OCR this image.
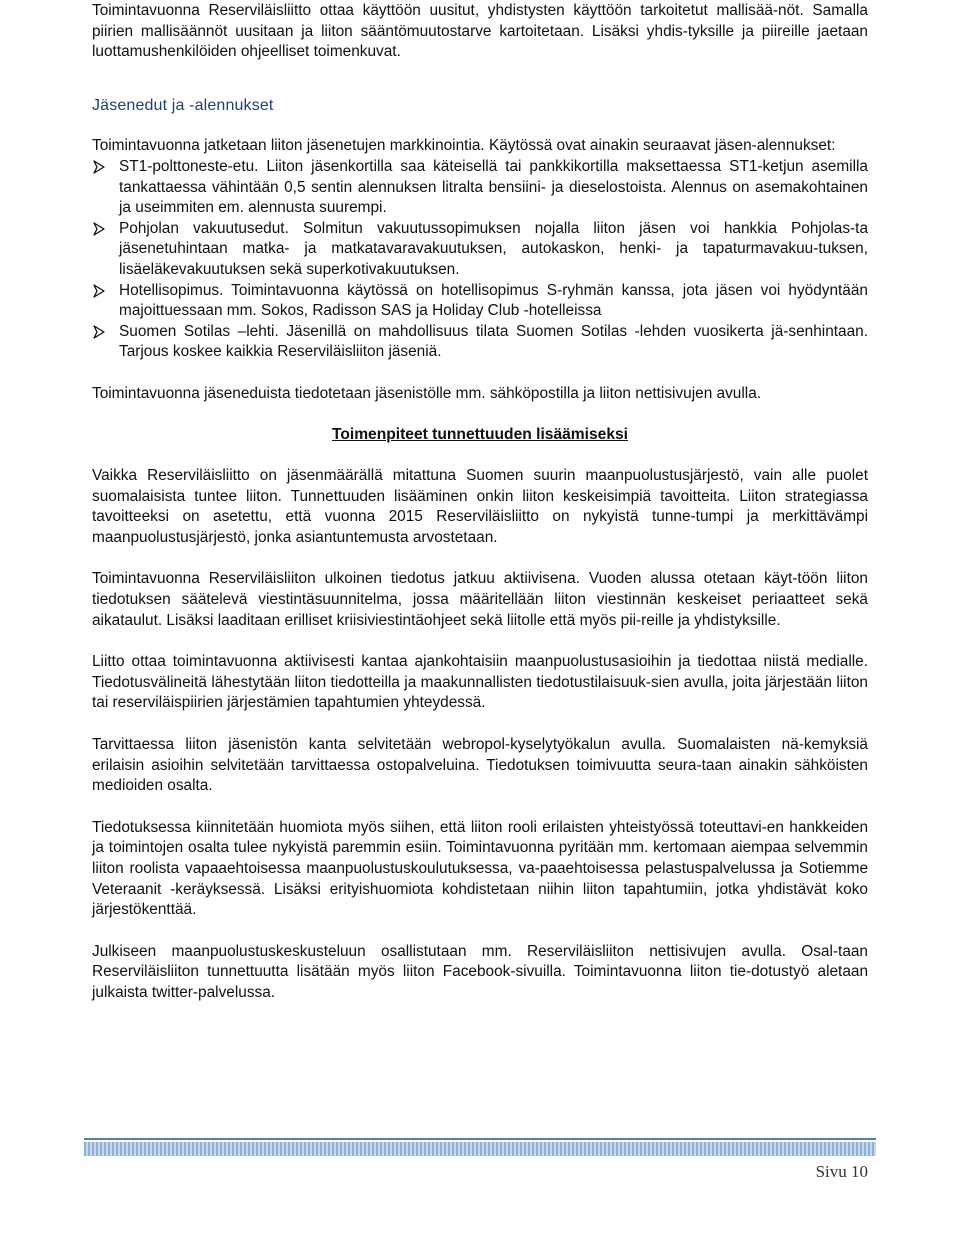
Toimintavuonna Reserviläisliitto ottaa käyttöön uusitut, yhdistysten käyttöön tarkoitetut mallisää-nöt. Samalla piirien mallisäännöt uusitaan ja liiton sääntömuutostarve kartoitetaan. Lisäksi yhdis-tyksille ja piireille jaetaan luottamushenkilöiden ohjeelliset toimenkuvat.

Jäsenedut ja -alennukset

Toimintavuonna jatketaan liiton jäsenetujen markkinointia. Käytössä ovat ainakin seuraavat jäsen-alennukset:

ST1-polttoneste-etu. Liiton jäsenkortilla saa käteisellä tai pankkikortilla maksettaessa ST1-ketjun asemilla tankattaessa vähintään 0,5 sentin alennuksen litralta bensiini- ja dieselostoista. Alennus on asemakohtainen ja useimmiten em. alennusta suurempi.
Pohjolan vakuutusedut. Solmitun vakuutussopimuksen nojalla liiton jäsen voi hankkia Pohjolas-ta jäsenetuhintaan matka- ja matkatavaravakuutuksen, autokaskon, henki- ja tapaturmavakuu-tuksen, lisäeläkevakuutuksen sekä superkotivakuutuksen.
Hotellisopimus. Toimintavuonna käytössä on hotellisopimus S-ryhmän kanssa, jota jäsen voi hyödyntään majoittuessaan mm. Sokos, Radisson SAS ja Holiday Club -hotelleissa
Suomen Sotilas –lehti. Jäsenillä on mahdollisuus tilata Suomen Sotilas -lehden vuosikerta jä-senhintaan. Tarjous koskee kaikkia Reserviläisliiton jäseniä.

Toimintavuonna jäseneduista tiedotetaan jäsenistölle mm. sähköpostilla ja liiton nettisivujen avulla.

Toimenpiteet tunnettuuden lisäämiseksi

Vaikka Reserviläisliitto on jäsenmäärällä mitattuna Suomen suurin maanpuolustusjärjestö, vain alle puolet suomalaisista tuntee liiton. Tunnettuuden lisääminen onkin liiton keskeisimpiä tavoitteita. Liiton strategiassa tavoitteeksi on asetettu, että vuonna 2015 Reserviläisliitto on nykyistä tunne-tumpi ja merkittävämpi maanpuolustusjärjestö, jonka asiantuntemusta arvostetaan.

Toimintavuonna Reserviläisliiton ulkoinen tiedotus jatkuu aktiivisena. Vuoden alussa otetaan käyt-töön liiton tiedotuksen säätelevä viestintäsuunnitelma, jossa määritellään liiton viestinnän keskeiset periaatteet sekä aikataulut. Lisäksi laaditaan erilliset kriisiviestintäohjeet sekä liitolle että myös pii-reille ja yhdistyksille.

Liitto ottaa toimintavuonna aktiivisesti kantaa ajankohtaisiin maanpuolustusasioihin ja tiedottaa niistä medialle. Tiedotusvälineitä lähestytään liiton tiedotteilla ja maakunnallisten tiedotustilaisuuk-sien avulla, joita järjestään liiton tai reserviläispiirien järjestämien tapahtumien yhteydessä.

Tarvittaessa liiton jäsenistön kanta selvitetään webropol-kyselytyökalun avulla. Suomalaisten nä-kemyksiä erilaisin asioihin selvitetään tarvittaessa ostopalveluina. Tiedotuksen toimivuutta seura-taan ainakin sähköisten medioiden osalta.

Tiedotuksessa kiinnitetään huomiota myös siihen, että liiton rooli erilaisten yhteistyössä toteuttavi-en hankkeiden ja toimintojen osalta tulee nykyistä paremmin esiin. Toimintavuonna pyritään mm. kertomaan aiempaa selvemmin liiton roolista vapaaehtoisessa maanpuolustuskoulutuksessa, va-paaehtoisessa pelastuspalvelussa ja Sotiemme Veteraanit -keräyksessä. Lisäksi erityishuomiota kohdistetaan niihin liiton tapahtumiin, jotka yhdistävät koko järjestökenttää.

Julkiseen maanpuolustuskeskusteluun osallistutaan mm. Reserviläisliiton nettisivujen avulla. Osal-taan Reserviläisliiton tunnettuutta lisätään myös liiton Facebook-sivuilla. Toimintavuonna liiton tie-dotustyö aletaan julkaista twitter-palvelussa.

Sivu 10
